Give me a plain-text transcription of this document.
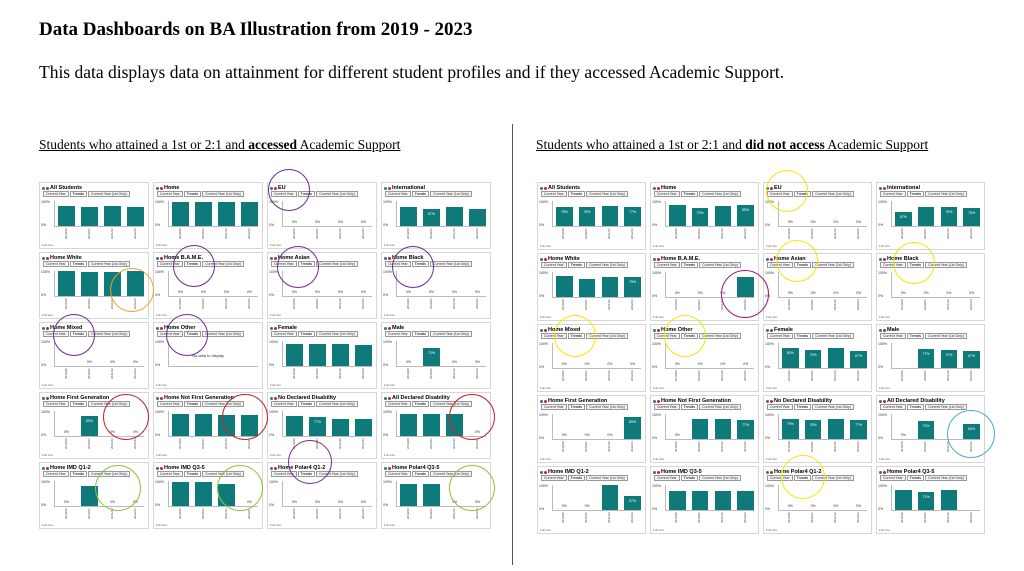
Data Dashboards on BA Illustration from 2019 - 2023
This data displays data on attainment for different student profiles and if they accessed Academic Support.
Students who attained a 1st or 2:1 and accessed Academic Support	Students who attained a 1st or 2:1 and did not access Academic Support
All Students
Current Year	Trends	Current Year (1st Only)
100%
0%
2019/20	2020/21	2021/22	2022/23
Full size
Home
Current Year	Trends	Current Year (1st Only)
100%
0%
2019/20	2020/21	2021/22	2022/23
Full size
EU
Current Year	Trends	Current Year (1st Only)
100%
0%
0%	0%	0%	0%
2019/20	2020/21	2021/22	2022/23
Full size
International
Current Year	Trends	Current Year (1st Only)
100%
0%
67%
2019/20	2020/21	2021/22	2022/23
Full size
Home White
Current Year	Trends	Current Year (1st Only)
100%
0%
2019/20	2020/21	2021/22	2022/23
Full size
Home B.A.M.E.
Current Year	Trends	Current Year (1st Only)
100%
0%
0%	0%	0%	0%
2019/20	2020/21	2021/22	2022/23
Full size
Home Asian
Current Year	Trends	Current Year (1st Only)
100%
0%
0%	0%	0%	0%
2019/20	2020/21	2021/22	2022/23
Full size
Home Black
Current Year	Trends	Current Year (1st Only)
100%
0%
0%	0%	0%	0%
2019/20	2020/21	2021/22	2022/23
Full size
Home Mixed
Current Year	Trends	Current Year (1st Only)
100%
0%
0%	0%	0%
2019/20	2020/21	2021/22	2022/23
Full size
Home Other
Current Year	Trends	Current Year (1st Only)
100%
0%
No data to display
Full size
Female
Current Year	Trends	Current Year (1st Only)
100%
0%
2019/20	2020/21	2021/22	2022/23
Full size
Male
Current Year	Trends	Current Year (1st Only)
100%
0%
0%
72%
0%	0%
2019/20	2020/21	2021/22	2022/23
Full size
Home First Generation
Current Year	Trends	Current Year (1st Only)
100%
0%
0%
80%
0%	0%
2019/20	2020/21	2021/22	2022/23
Full size
Home Not First Generation
Current Year	Trends	Current Year (1st Only)
100%
0%
2019/20	2020/21	2021/22	2022/23
Full size
No Declared Disability
Current Year	Trends	Current Year (1st Only)
100%
0%
77%
2019/20	2020/21	2021/22	2022/23
Full size
All Declared Disability
Current Year	Trends	Current Year (1st Only)
100%
0%
0%
2019/20	2020/21	2021/22	2022/23
Full size
Home IMD Q1-2
Current Year	Trends	Current Year (1st Only)
100%
0%
0%	0%	0%
2019/20	2020/21	2021/22	2022/23
Full size
Home IMD Q3-5
Current Year	Trends	Current Year (1st Only)
100%
0%
0%
2019/20	2020/21	2021/22	2022/23
Full size
Home Polar4 Q1-2
Current Year	Trends	Current Year (1st Only)
100%
0%
0%	0%	0%	0%
2019/20	2020/21	2021/22	2022/23
Full size
Home Polar4 Q3-5
Current Year	Trends	Current Year (1st Only)
100%
0%
0%	0%
2019/20	2020/21	2021/22	2022/23
Full size
All Students
Current Year	Trends	Current Year (1st Only)
100%
0%
75%	78%	77%
2019/20	2020/21	2021/22	2022/23
Full size
Home
Current Year	Trends	Current Year (1st Only)
100%
0%
73%
85%
2019/20	2020/21	2021/22	2022/23
Full size
EU
Current Year	Trends	Current Year (1st Only)
100%
0%
0%	0%	0%	0%
2019/20	2020/21	2021/22	2022/23
Full size
International
Current Year	Trends	Current Year (1st Only)
100%
0%
57%
76%	73%
2019/20	2020/21	2021/22	2022/23
Full size
Home White
Current Year	Trends	Current Year (1st Only)
100%
0%
79%
2019/20	2020/21	2021/22	2022/23
Full size
Home B.A.M.E.
Current Year	Trends	Current Year (1st Only)
100%
0%
0%	0%	0%
2019/20	2020/21	2021/22	2022/23
Full size
Home Asian
Current Year	Trends	Current Year (1st Only)
100%
0%
0%	0%	0%	0%
2019/20	2020/21	2021/22	2022/23
Full size
Home Black
Current Year	Trends	Current Year (1st Only)
100%
0%
0%	0%	0%	0%
2019/20	2020/21	2021/22	2022/23
Full size
Home Mixed
Current Year	Trends	Current Year (1st Only)
100%
0%
0%	0%	0%	0%
2019/20	2020/21	2021/22	2022/23
Full size
Home Other
Current Year	Trends	Current Year (1st Only)
100%
0%
0%	0%	0%	0%
2019/20	2020/21	2021/22	2022/23
Full size
Female
Current Year	Trends	Current Year (1st Only)
100%
0%
80%	73%	67%
2019/20	2020/21	2021/22	2022/23
Full size
Male
Current Year	Trends	Current Year (1st Only)
100%
0%
77%	72%	67%
2019/20	2020/21	2021/22	2022/23
Full size
Home First Generation
Current Year	Trends	Current Year (1st Only)
100%
0%
0%	0%	0%
89%
2019/20	2020/21	2021/22	2022/23
Full size
Home Not First Generation
Current Year	Trends	Current Year (1st Only)
100%
0%
0%
77%
2019/20	2020/21	2021/22	2022/23
Full size
No Declared Disability
Current Year	Trends	Current Year (1st Only)
100%
0%
79%	78%	77%
2019/20	2020/21	2021/22	2022/23
Full size
All Declared Disability
Current Year	Trends	Current Year (1st Only)
100%
0%
0%
73%
60%
2019/20	2020/21	2021/22	2022/23
Full size
Home IMD Q1-2
Current Year	Trends	Current Year (1st Only)
100%
0%
0%	0%
57%
2019/20	2020/21	2021/22	2022/23
Full size
Home IMD Q3-5
Current Year	Trends	Current Year (1st Only)
100%
0%
2019/20	2020/21	2021/22	2022/23
Full size
Home Polar4 Q1-2
Current Year	Trends	Current Year (1st Only)
100%
0%
0%	0%	0%	0%
2019/20	2020/21	2021/22	2022/23
Full size
Home Polar4 Q3-5
Current Year	Trends	Current Year (1st Only)
100%
0%
71%
2019/20	2020/21	2021/22	2022/23
Full size
